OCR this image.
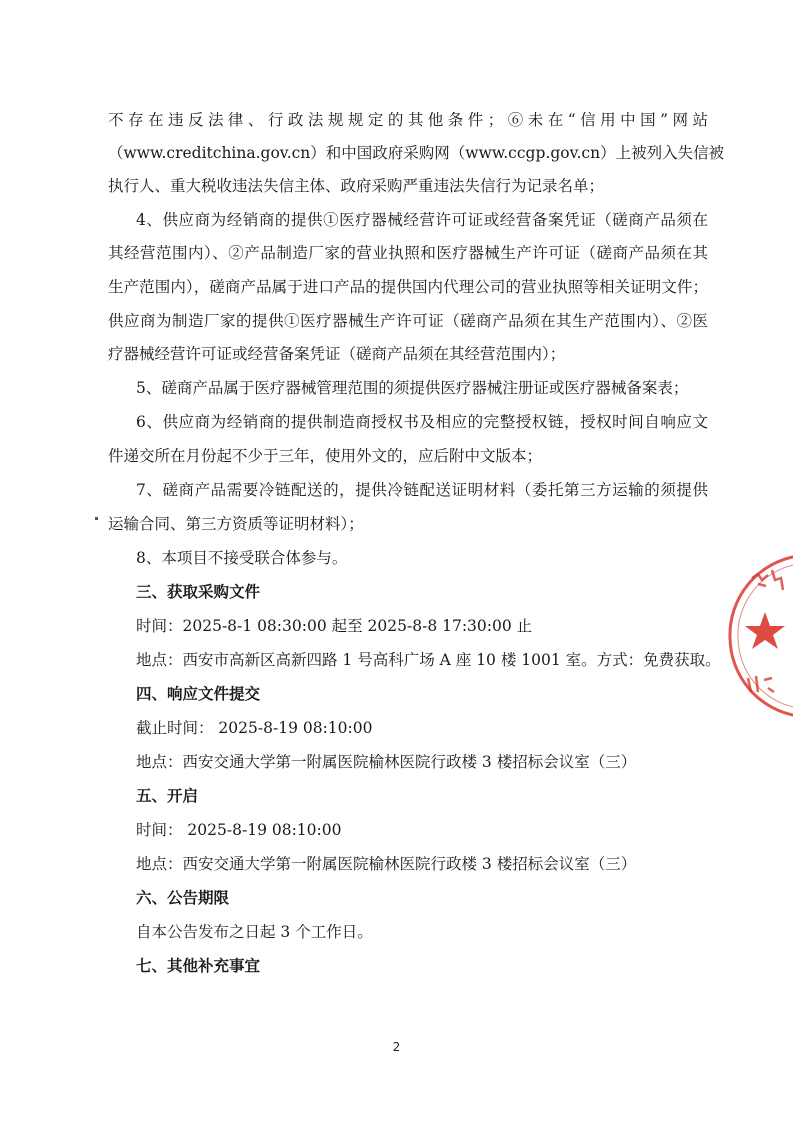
不存在违反法律、行政法规规定的其他条件；⑥未在“信用中国”网站
（www.creditchina.gov.cn）和中国政府采购网（www.ccgp.gov.cn）上被列入失信被
执行人、重大税收违法失信主体、政府采购严重违法失信行为记录名单；
4、供应商为经销商的提供①医疗器械经营许可证或经营备案凭证（磋商产品须在
其经营范围内）、②产品制造厂家的营业执照和医疗器械生产许可证（磋商产品须在其
生产范围内），磋商产品属于进口产品的提供国内代理公司的营业执照等相关证明文件；
供应商为制造厂家的提供①医疗器械生产许可证（磋商产品须在其生产范围内）、②医
疗器械经营许可证或经营备案凭证（磋商产品须在其经营范围内）；
5、磋商产品属于医疗器械管理范围的须提供医疗器械注册证或医疗器械备案表；
6、供应商为经销商的提供制造商授权书及相应的完整授权链，授权时间自响应文
件递交所在月份起不少于三年，使用外文的，应后附中文版本；
7、磋商产品需要冷链配送的，提供冷链配送证明材料（委托第三方运输的须提供
运输合同、第三方资质等证明材料）；
8、本项目不接受联合体参与。
三、获取采购文件
时间：2025-8-1 08:30:00 起至 2025-8-8 17:30:00 止
地点：西安市高新区高新四路 1 号高科广场 A 座 10 楼 1001 室。方式：免费获取。
四、响应文件提交
截止时间： 2025-8-19 08:10:00
地点：西安交通大学第一附属医院榆林医院行政楼 3 楼招标会议室（三）
五、开启
时间： 2025-8-19 08:10:00
地点：西安交通大学第一附属医院榆林医院行政楼 3 楼招标会议室（三）
六、公告期限
自本公告发布之日起 3 个工作日。
七、其他补充事宜
2
